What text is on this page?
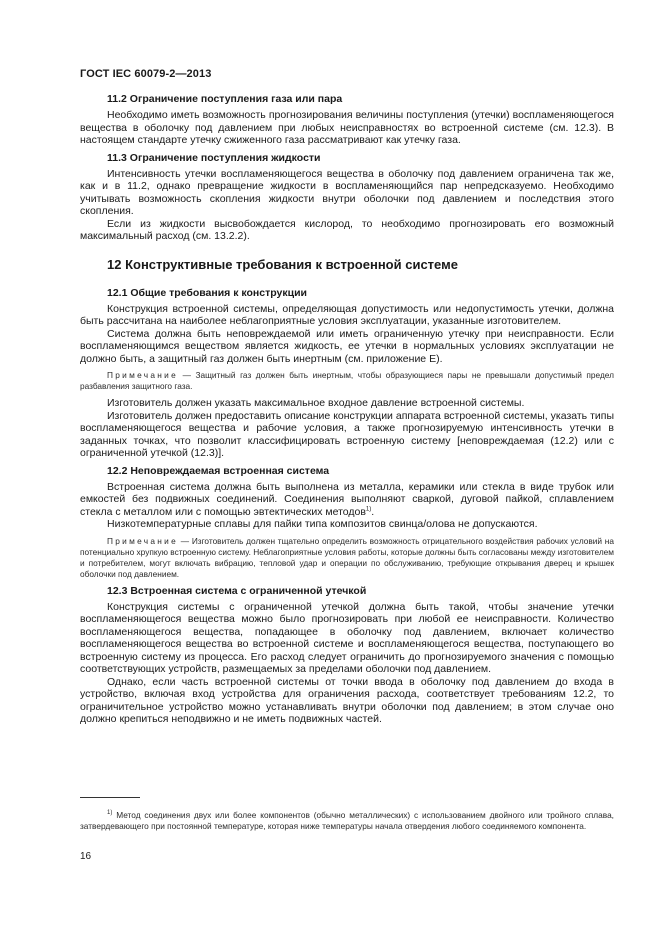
ГОСТ IEC 60079-2—2013
11.2 Ограничение поступления газа или пара

Необходимо иметь возможность прогнозирования величины поступления (утечки) воспламеняющегося вещества в оболочку под давлением при любых неисправностях во встроенной системе (см. 12.3). В настоящем стандарте утечку сжиженного газа рассматривают как утечку газа.

11.3 Ограничение поступления жидкости

Интенсивность утечки воспламеняющегося вещества в оболочку под давлением ограничена так же, как и в 11.2, однако превращение жидкости в воспламеняющийся пар непредсказуемо. Необходимо учитывать возможность скопления жидкости внутри оболочки под давлением и последствия этого скопления.

Если из жидкости высвобождается кислород, то необходимо прогнозировать его возможный максимальный расход (см. 13.2.2).

12 Конструктивные требования к встроенной системе
12.1 Общие требования к конструкции

Конструкция встроенной системы, определяющая допустимость или недопустимость утечки, должна быть рассчитана на наиболее неблагоприятные условия эксплуатации, указанные изготовителем.

Система должна быть неповреждаемой или иметь ограниченную утечку при неисправности. Если воспламеняющимся веществом является жидкость, ее утечки в нормальных условиях эксплуатации не должно быть, а защитный газ должен быть инертным (см. приложение Е).

Примечание — Защитный газ должен быть инертным, чтобы образующиеся пары не превышали допустимый предел разбавления защитного газа.

Изготовитель должен указать максимальное входное давление встроенной системы.

Изготовитель должен предоставить описание конструкции аппарата встроенной системы, указать типы воспламеняющегося вещества и рабочие условия, а также прогнозируемую интенсивность утечки в заданных точках, что позволит классифицировать встроенную систему [неповреждаемая (12.2) или с ограниченной утечкой (12.3)].

12.2 Неповреждаемая встроенная система

Встроенная система должна быть выполнена из металла, керамики или стекла в виде трубок или емкостей без подвижных соединений. Соединения выполняют сваркой, дуговой пайкой, сплавлением стекла с металлом или с помощью эвтектических методов$^{1)}$.

Низкотемпературные сплавы для пайки типа композитов свинца/олова не допускаются.

Примечание — Изготовитель должен тщательно определить возможность отрицательного воздействия рабочих условий на потенциально хрупкую встроенную систему. Неблагоприятные условия работы, которые должны быть согласованы между изготовителем и потребителем, могут включать вибрацию, тепловой удар и операции по обслуживанию, требующие открывания дверец и крышек оболочки под давлением.

12.3 Встроенная система с ограниченной утечкой

Конструкция системы с ограниченной утечкой должна быть такой, чтобы значение утечки воспламеняющегося вещества можно было прогнозировать при любой ее неисправности. Количество воспламеняющегося вещества, попадающее в оболочку под давлением, включает количество воспламеняющегося вещества во встроенной системе и воспламеняющегося вещества, поступающего во встроенную систему из процесса. Его расход следует ограничить до прогнозируемого значения с помощью соответствующих устройств, размещаемых за пределами оболочки под давлением.

Однако, если часть встроенной системы от точки ввода в оболочку под давлением до входа в устройство, включая вход устройства для ограничения расхода, соответствует требованиям 12.2, то ограничительное устройство можно устанавливать внутри оболочки под давлением; в этом случае оно должно крепиться неподвижно и не иметь подвижных частей.

$^{1)}$ Метод соединения двух или более компонентов (обычно металлических) с использованием двойного или тройного сплава, затвердевающего при постоянной температуре, которая ниже температуры начала отвердения любого соединяемого компонента.

16
